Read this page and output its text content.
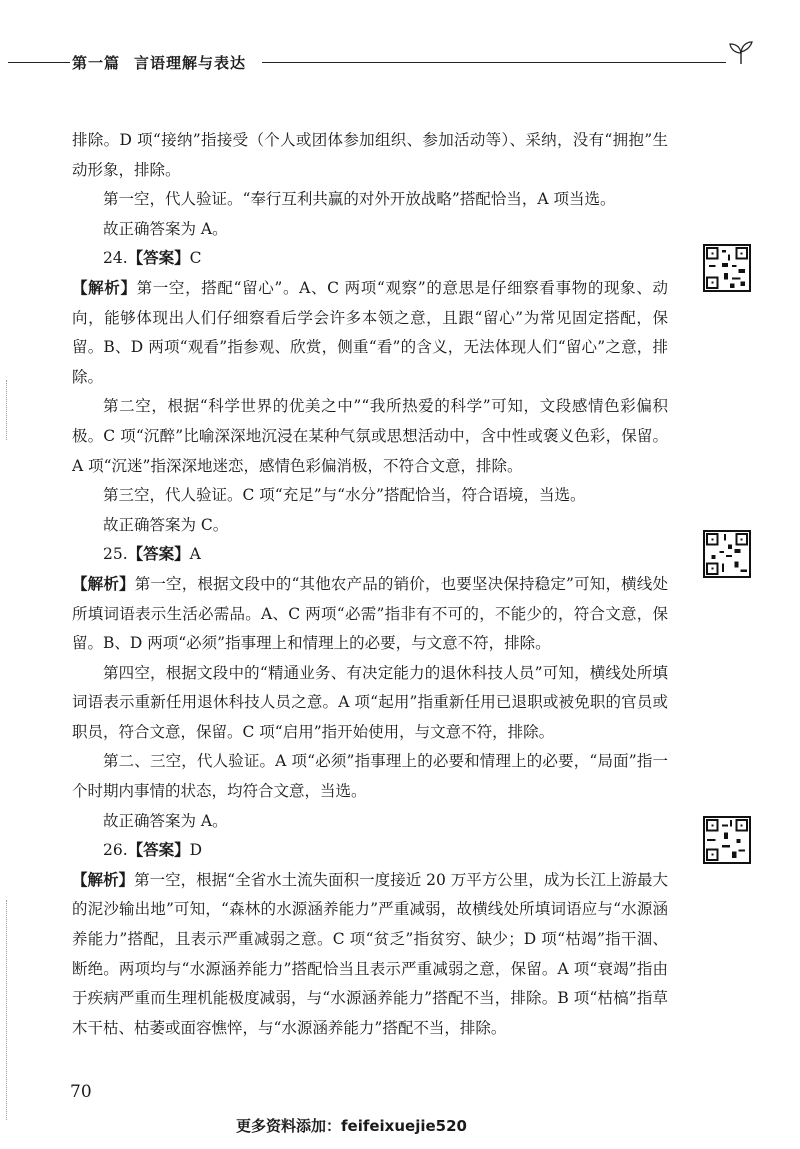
第一篇 言语理解与表达

排除。D 项“接纳”指接受（个人或团体参加组织、参加活动等）、采纳，没有“拥抱”生动形象，排除。

第一空，代人验证。“奉行互利共赢的对外开放战略”搭配恰当，A 项当选。

故正确答案为 A。

24.【答案】C

【解析】第一空，搭配“留心”。A、C 两项“观察”的意思是仔细察看事物的现象、动向，能够体现出人们仔细察看后学会许多本领之意，且跟“留心”为常见固定搭配，保留。B、D 两项“观看”指参观、欣赏，侧重“看”的含义，无法体现人们“留心”之意，排除。

第二空，根据“科学世界的优美之中”“我所热爱的科学”可知，文段感情色彩偏积极。C 项“沉醉”比喻深深地沉浸在某种气氛或思想活动中，含中性或褒义色彩，保留。A 项“沉迷”指深深地迷恋，感情色彩偏消极，不符合文意，排除。

第三空，代人验证。C 项“充足”与“水分”搭配恰当，符合语境，当选。

故正确答案为 C。

25.【答案】A

【解析】第一空，根据文段中的“其他农产品的销价，也要坚决保持稳定”可知，横线处所填词语表示生活必需品。A、C 两项“必需”指非有不可的，不能少的，符合文意，保留。B、D 两项“必须”指事理上和情理上的必要，与文意不符，排除。

第四空，根据文段中的“精通业务、有决定能力的退休科技人员”可知，横线处所填词语表示重新任用退休科技人员之意。A 项“起用”指重新任用已退职或被免职的官员或职员，符合文意，保留。C 项“启用”指开始使用，与文意不符，排除。

第二、三空，代人验证。A 项“必须”指事理上的必要和情理上的必要，“局面”指一个时期内事情的状态，均符合文意，当选。

故正确答案为 A。

26.【答案】D

【解析】第一空，根据“全省水土流失面积一度接近 20 万平方公里，成为长江上游最大的泥沙输出地”可知，“森林的水源涵养能力”严重减弱，故横线处所填词语应与“水源涵养能力”搭配，且表示严重减弱之意。C 项“贫乏”指贫穷、缺少；D 项“枯竭”指干涸、断绝。两项均与“水源涵养能力”搭配恰当且表示严重减弱之意，保留。A 项“衰竭”指由于疾病严重而生理机能极度减弱，与“水源涵养能力”搭配不当，排除。B 项“枯槁”指草木干枯、枯萎或面容憔悴，与“水源涵养能力”搭配不当，排除。

70
更多资料添加：feifeixuejie520
